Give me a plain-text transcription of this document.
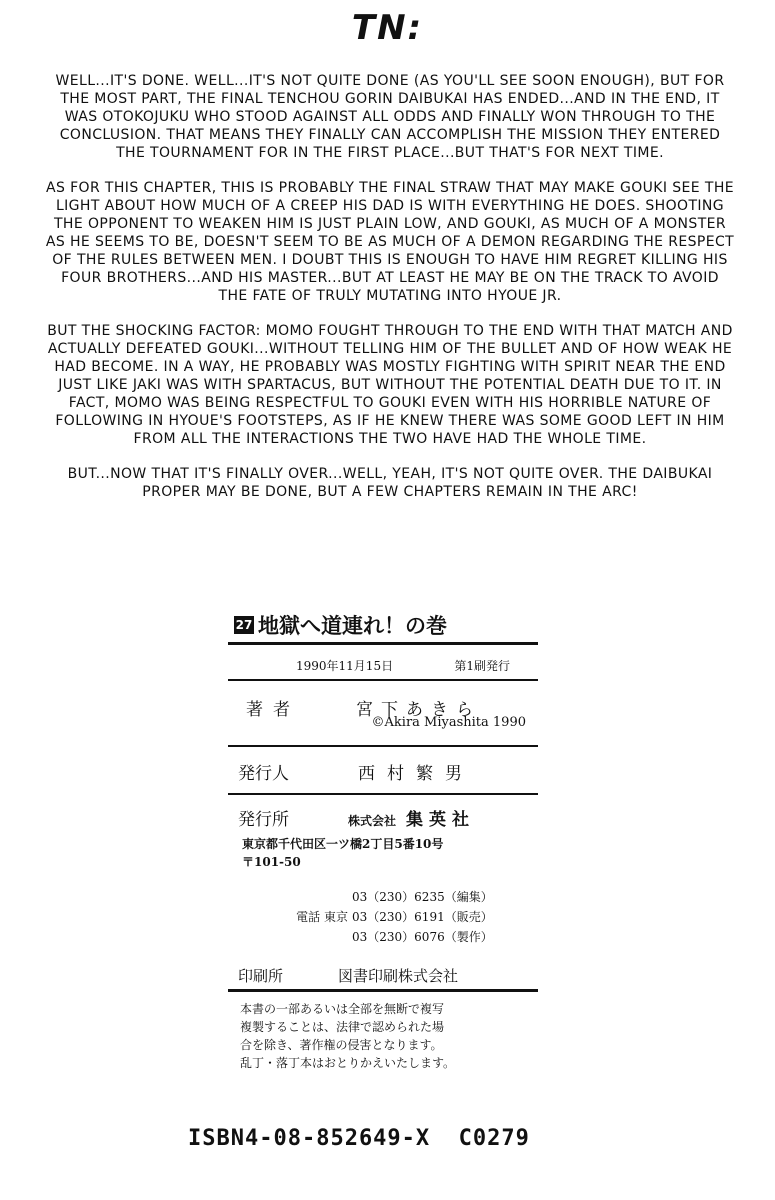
TN:

WELL...IT'S DONE. WELL...IT'S NOT QUITE DONE (AS YOU'LL SEE SOON ENOUGH), BUT FOR THE MOST PART, THE FINAL TENCHOU GORIN DAIBUKAI HAS ENDED...AND IN THE END, IT WAS OTOKOJUKU WHO STOOD AGAINST ALL ODDS AND FINALLY WON THROUGH TO THE CONCLUSION. THAT MEANS THEY FINALLY CAN ACCOMPLISH THE MISSION THEY ENTERED THE TOURNAMENT FOR IN THE FIRST PLACE...BUT THAT'S FOR NEXT TIME.

AS FOR THIS CHAPTER, THIS IS PROBABLY THE FINAL STRAW THAT MAY MAKE GOUKI SEE THE LIGHT ABOUT HOW MUCH OF A CREEP HIS DAD IS WITH EVERYTHING HE DOES. SHOOTING THE OPPONENT TO WEAKEN HIM IS JUST PLAIN LOW, AND GOUKI, AS MUCH OF A MONSTER AS HE SEEMS TO BE, DOESN'T SEEM TO BE AS MUCH OF A DEMON REGARDING THE RESPECT OF THE RULES BETWEEN MEN. I DOUBT THIS IS ENOUGH TO HAVE HIM REGRET KILLING HIS FOUR BROTHERS...AND HIS MASTER...BUT AT LEAST HE MAY BE ON THE TRACK TO AVOID THE FATE OF TRULY MUTATING INTO HYOUE JR.

BUT THE SHOCKING FACTOR: MOMO FOUGHT THROUGH TO THE END WITH THAT MATCH AND ACTUALLY DEFEATED GOUKI...WITHOUT TELLING HIM OF THE BULLET AND OF HOW WEAK HE HAD BECOME. IN A WAY, HE PROBABLY WAS MOSTLY FIGHTING WITH SPIRIT NEAR THE END JUST LIKE JAKI WAS WITH SPARTACUS, BUT WITHOUT THE POTENTIAL DEATH DUE TO IT. IN FACT, MOMO WAS BEING RESPECTFUL TO GOUKI EVEN WITH HIS HORRIBLE NATURE OF FOLLOWING IN HYOUE'S FOOTSTEPS, AS IF HE KNEW THERE WAS SOME GOOD LEFT IN HIM FROM ALL THE INTERACTIONS THE TWO HAVE HAD THE WHOLE TIME.

BUT...NOW THAT IT'S FINALLY OVER...WELL, YEAH, IT'S NOT QUITE OVER. THE DAIBUKAI PROPER MAY BE DONE, BUT A FEW CHAPTERS REMAIN IN THE ARC!

27 地獄へ道連れ！の巻
1990年11月15日	第1刷発行
著者	宮下あきら
©Akira Miyashita 1990
発行人	西村繁男
発行所	株式会社 集英社
東京都千代田区一ツ橋2丁目5番10号
〒101-50
03（230）6235（編集）
電話 東京 03（230）6191（販売）
03（230）6076（製作）
印刷所	図書印刷株式会社
本書の一部あるいは全部を無断で複写
複製することは、法律で認められた場
合を除き、著作権の侵害となります。
乱丁・落丁本はおとりかえいたします。
ISBN4-08-852649-X  C0279
